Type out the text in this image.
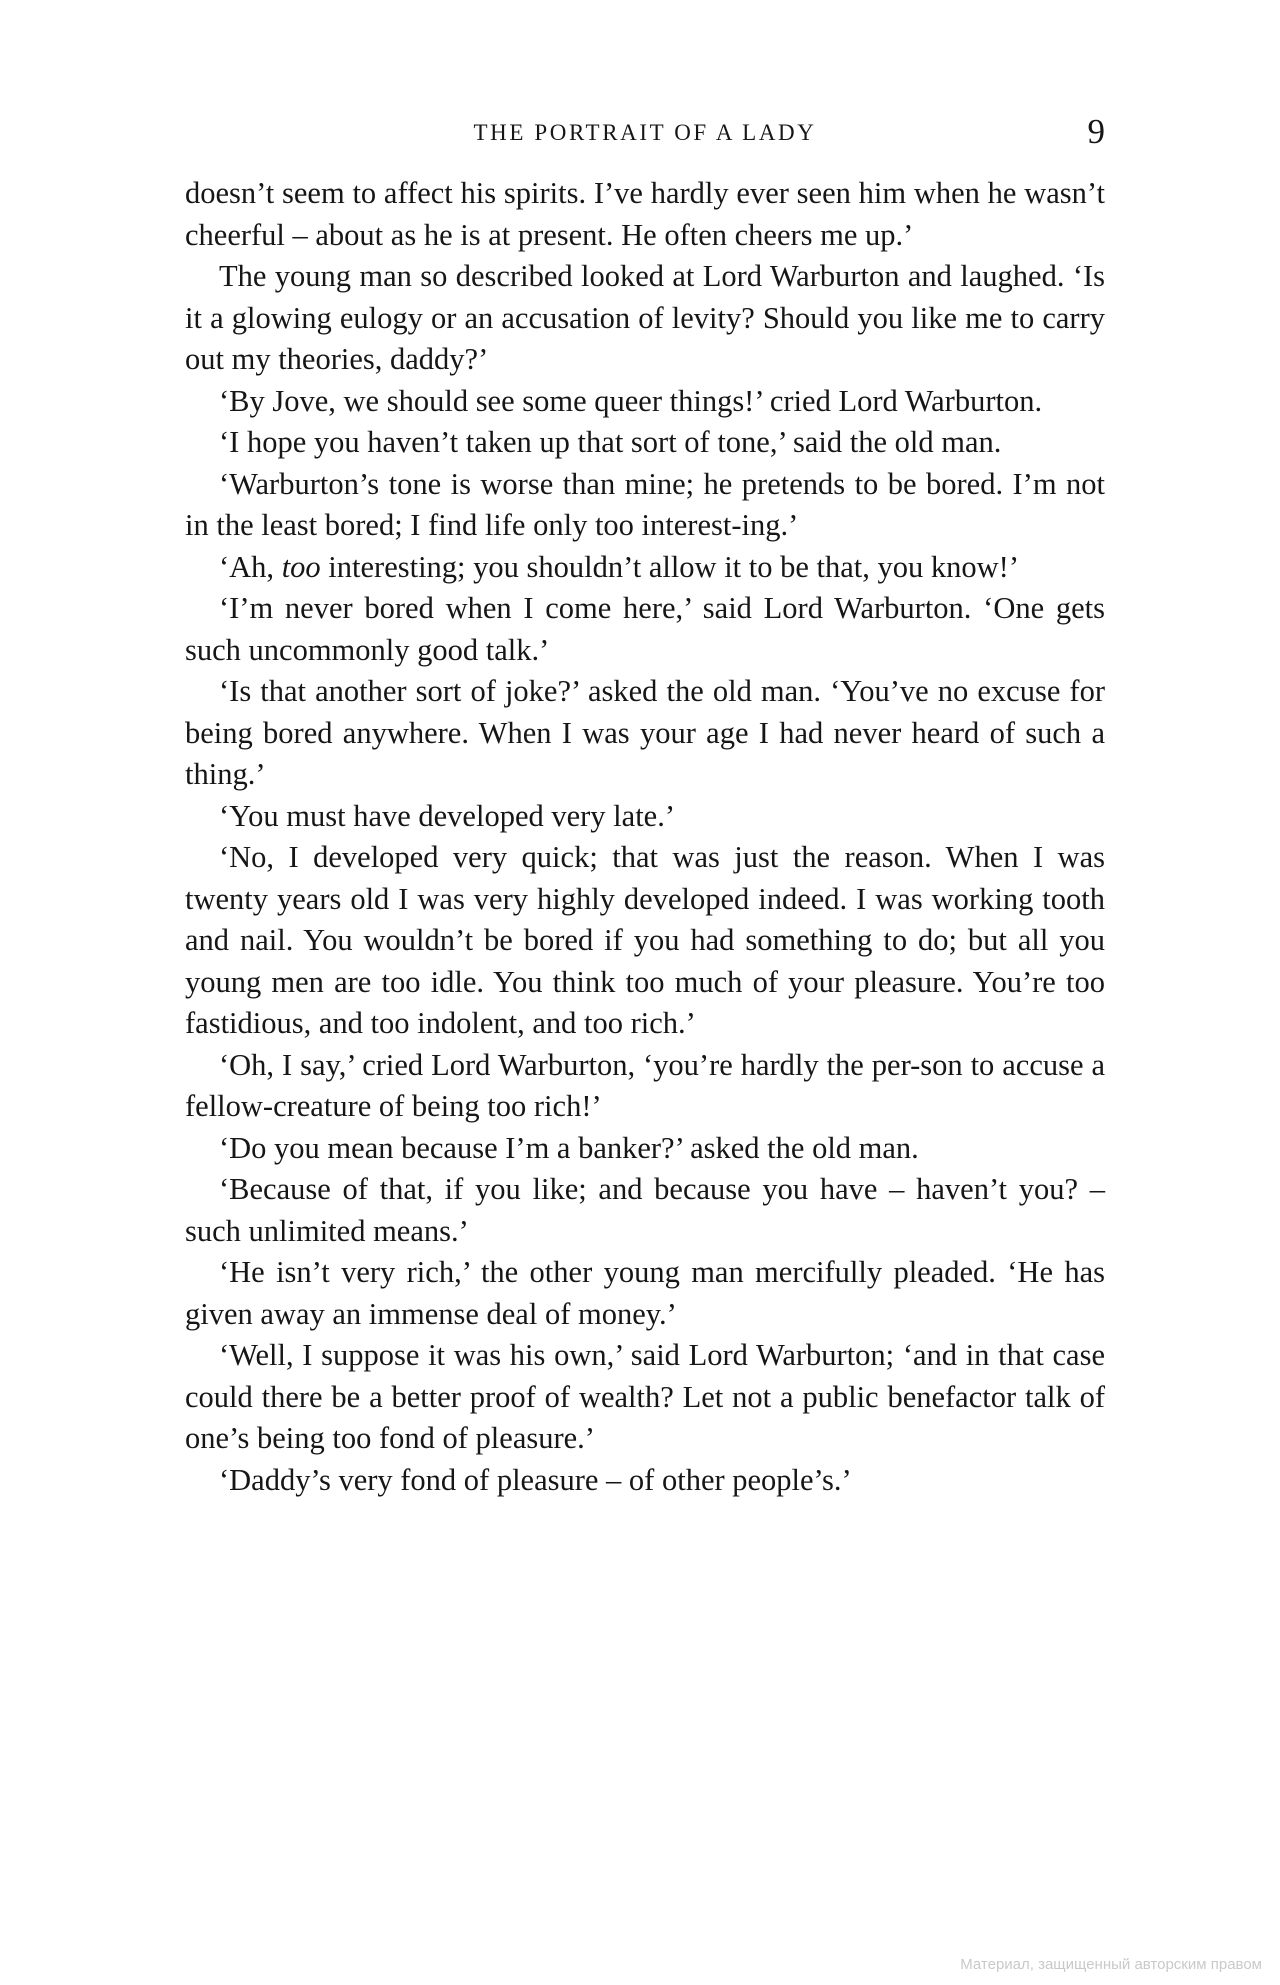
THE PORTRAIT OF A LADY	9

doesn’t seem to affect his spirits. I’ve hardly ever seen him when he wasn’t cheerful – about as he is at present. He often cheers me up.’

The young man so described looked at Lord Warburton and laughed. ‘Is it a glowing eulogy or an accusation of levity? Should you like me to carry out my theories, daddy?’

‘By Jove, we should see some queer things!’ cried Lord Warburton.

‘I hope you haven’t taken up that sort of tone,’ said the old man.

‘Warburton’s tone is worse than mine; he pretends to be bored. I’m not in the least bored; I find life only too interest-ing.’

‘Ah, too interesting; you shouldn’t allow it to be that, you know!’

‘I’m never bored when I come here,’ said Lord Warburton. ‘One gets such uncommonly good talk.’

‘Is that another sort of joke?’ asked the old man. ‘You’ve no excuse for being bored anywhere. When I was your age I had never heard of such a thing.’

‘You must have developed very late.’

‘No, I developed very quick; that was just the reason. When I was twenty years old I was very highly developed indeed. I was working tooth and nail. You wouldn’t be bored if you had something to do; but all you young men are too idle. You think too much of your pleasure. You’re too fastidious, and too indolent, and too rich.’

‘Oh, I say,’ cried Lord Warburton, ‘you’re hardly the per-son to accuse a fellow-creature of being too rich!’

‘Do you mean because I’m a banker?’ asked the old man.

‘Because of that, if you like; and because you have – haven’t you? – such unlimited means.’

‘He isn’t very rich,’ the other young man mercifully pleaded. ‘He has given away an immense deal of money.’

‘Well, I suppose it was his own,’ said Lord Warburton; ‘and in that case could there be a better proof of wealth? Let not a public benefactor talk of one’s being too fond of pleasure.’

‘Daddy’s very fond of pleasure – of other people’s.’

Материал, защищенный авторским правом
